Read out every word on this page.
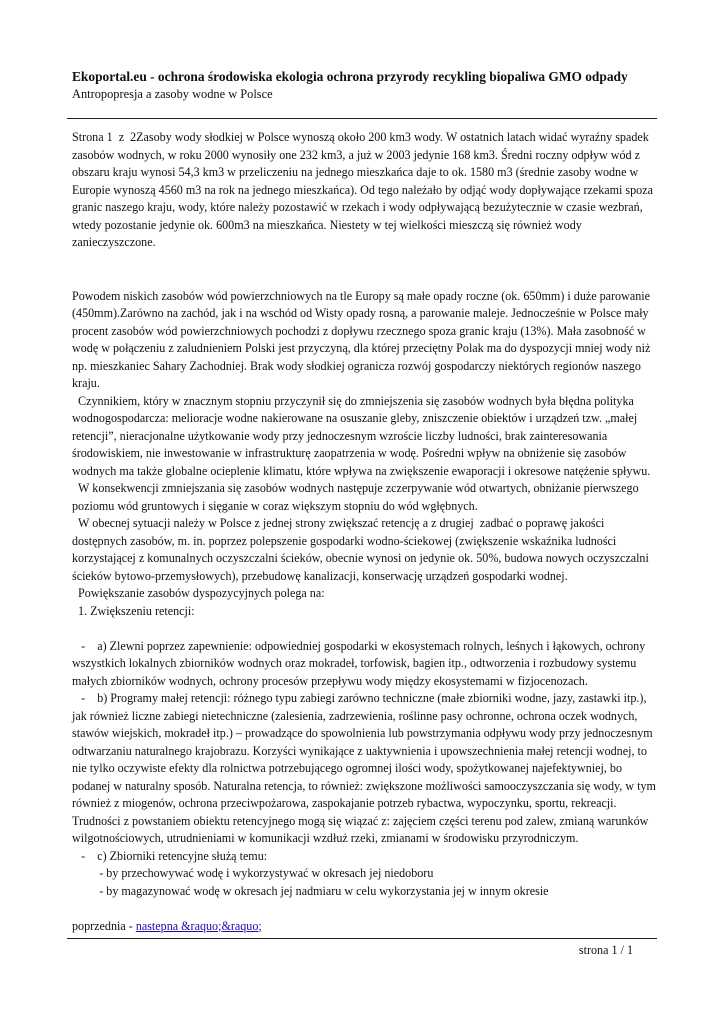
Ekoportal.eu - ochrona środowiska ekologia ochrona przyrody recykling biopaliwa GMO odpady
Antropopresja a zasoby wodne w Polsce

Strona 1  z  2Zasoby wody słodkiej w Polsce wynoszą około 200 km3 wody. W ostatnich latach widać wyraźny spadek zasobów wodnych, w roku 2000 wynosiły one 232 km3, a już w 2003 jedynie 168 km3. Średni roczny odpływ wód z obszaru kraju wynosi 54,3 km3 w przeliczeniu na jednego mieszkańca daje to ok. 1580 m3 (średnie zasoby wodne w Europie wynoszą 4560 m3 na rok na jednego mieszkańca). Od tego należało by odjąć wody dopływające rzekami spoza granic naszego kraju, wody, które należy pozostawić w rzekach i wody odpływającą bezużytecznie w czasie wezbrań, wtedy pozostanie jedynie ok. 600m3 na mieszkańca. Niestety w tej wielkości mieszczą się również wody zanieczyszczone.

Powodem niskich zasobów wód powierzchniowych na tle Europy są małe opady roczne (ok. 650mm) i duże parowanie (450mm).Zarówno na zachód, jak i na wschód od Wisty opady rosną, a parowanie maleje. Jednocześnie w Polsce mały procent zasobów wód powierzchniowych pochodzi z dopływu rzecznego spoza granic kraju (13%). Mała zasobność w wodę w połączeniu z zaludnieniem Polski jest przyczyną, dla której przeciętny Polak ma do dyspozycji mniej wody niż np. mieszkaniec Sahary Zachodniej. Brak wody słodkiej ogranicza rozwój gospodarczy niektórych regionów naszego kraju.

Czynnikiem, który w znacznym stopniu przyczynił się do zmniejszenia się zasobów wodnych była błędna polityka wodnogospodarcza: melioracje wodne nakierowane na osuszanie gleby, zniszczenie obiektów i urządzeń tzw. „małej retencji”, nieracjonalne użytkowanie wody przy jednoczesnym wzroście liczby ludności, brak zainteresowania środowiskiem, nie inwestowanie w infrastrukturę zaopatrzenia w wodę. Pośredni wpływ na obniżenie się zasobów wodnych ma także globalne ocieplenie klimatu, które wpływa na zwiększenie ewaporacji i okresowe natężenie spływu.

W konsekwencji zmniejszania się zasobów wodnych następuje zczerpywanie wód otwartych, obniżanie pierwszego poziomu wód gruntowych i sięganie w coraz większym stopniu do wód wgłębnych.

W obecnej sytuacji należy w Polsce z jednej strony zwiększać retencję a z drugiej  zadbać o poprawę jakości dostępnych zasobów, m. in. poprzez polepszenie gospodarki wodno-ściekowej (zwiększenie wskaźnika ludności korzystającej z komunalnych oczyszczalni ścieków, obecnie wynosi on jedynie ok. 50%, budowa nowych oczyszczalni ścieków bytowo-przemysłowych), przebudowę kanalizacji, konserwację urządzeń gospodarki wodnej.

Powiększanie zasobów dyspozycyjnych polega na:

1. Zwiększeniu retencji:

-    a) Zlewni poprzez zapewnienie: odpowiedniej gospodarki w ekosystemach rolnych, leśnych i łąkowych, ochrony wszystkich lokalnych zbiorników wodnych oraz mokradeł, torfowisk, bagien itp., odtworzenia i rozbudowy systemu małych zbiorników wodnych, ochrony procesów przepływu wody między ekosystemami w fizjocenozach.

-    b) Programy małej retencji: różnego typu zabiegi zarówno techniczne (małe zbiorniki wodne, jazy, zastawki itp.), jak również liczne zabiegi nietechniczne (zalesienia, zadrzewienia, roślinne pasy ochronne, ochrona oczek wodnych, stawów wiejskich, mokradeł itp.) – prowadzące do spowolnienia lub powstrzymania odpływu wody przy jednoczesnym odtwarzaniu naturalnego krajobrazu. Korzyści wynikające z uaktywnienia i upowszechnienia małej retencji wodnej, to nie tylko oczywiste efekty dla rolnictwa potrzebującego ogromnej ilości wody, spożytkowanej najefektywniej, bo podanej w naturalny sposób. Naturalna retencja, to również: zwiększone możliwości samooczyszczania się wody, w tym również z miogenów, ochrona przeciwpożarowa, zaspokajanie potrzeb rybactwa, wypoczynku, sportu, rekreacji. Trudności z powstaniem obiektu retencyjnego mogą się wiązać z: zajęciem części terenu pod zalew, zmianą warunków wilgotnościowych, utrudnieniami w komunikacji wzdłuż rzeki, zmianami w środowisku przyrodniczym.

-    c) Zbiorniki retencyjne służą temu:

- by przechowywać wodę i wykorzystywać w okresach jej niedoboru

- by magazynować wodę w okresach jej nadmiaru w celu wykorzystania jej w innym okresie

poprzednia - nastepna &raquo;&raquo;

strona 1 / 1
